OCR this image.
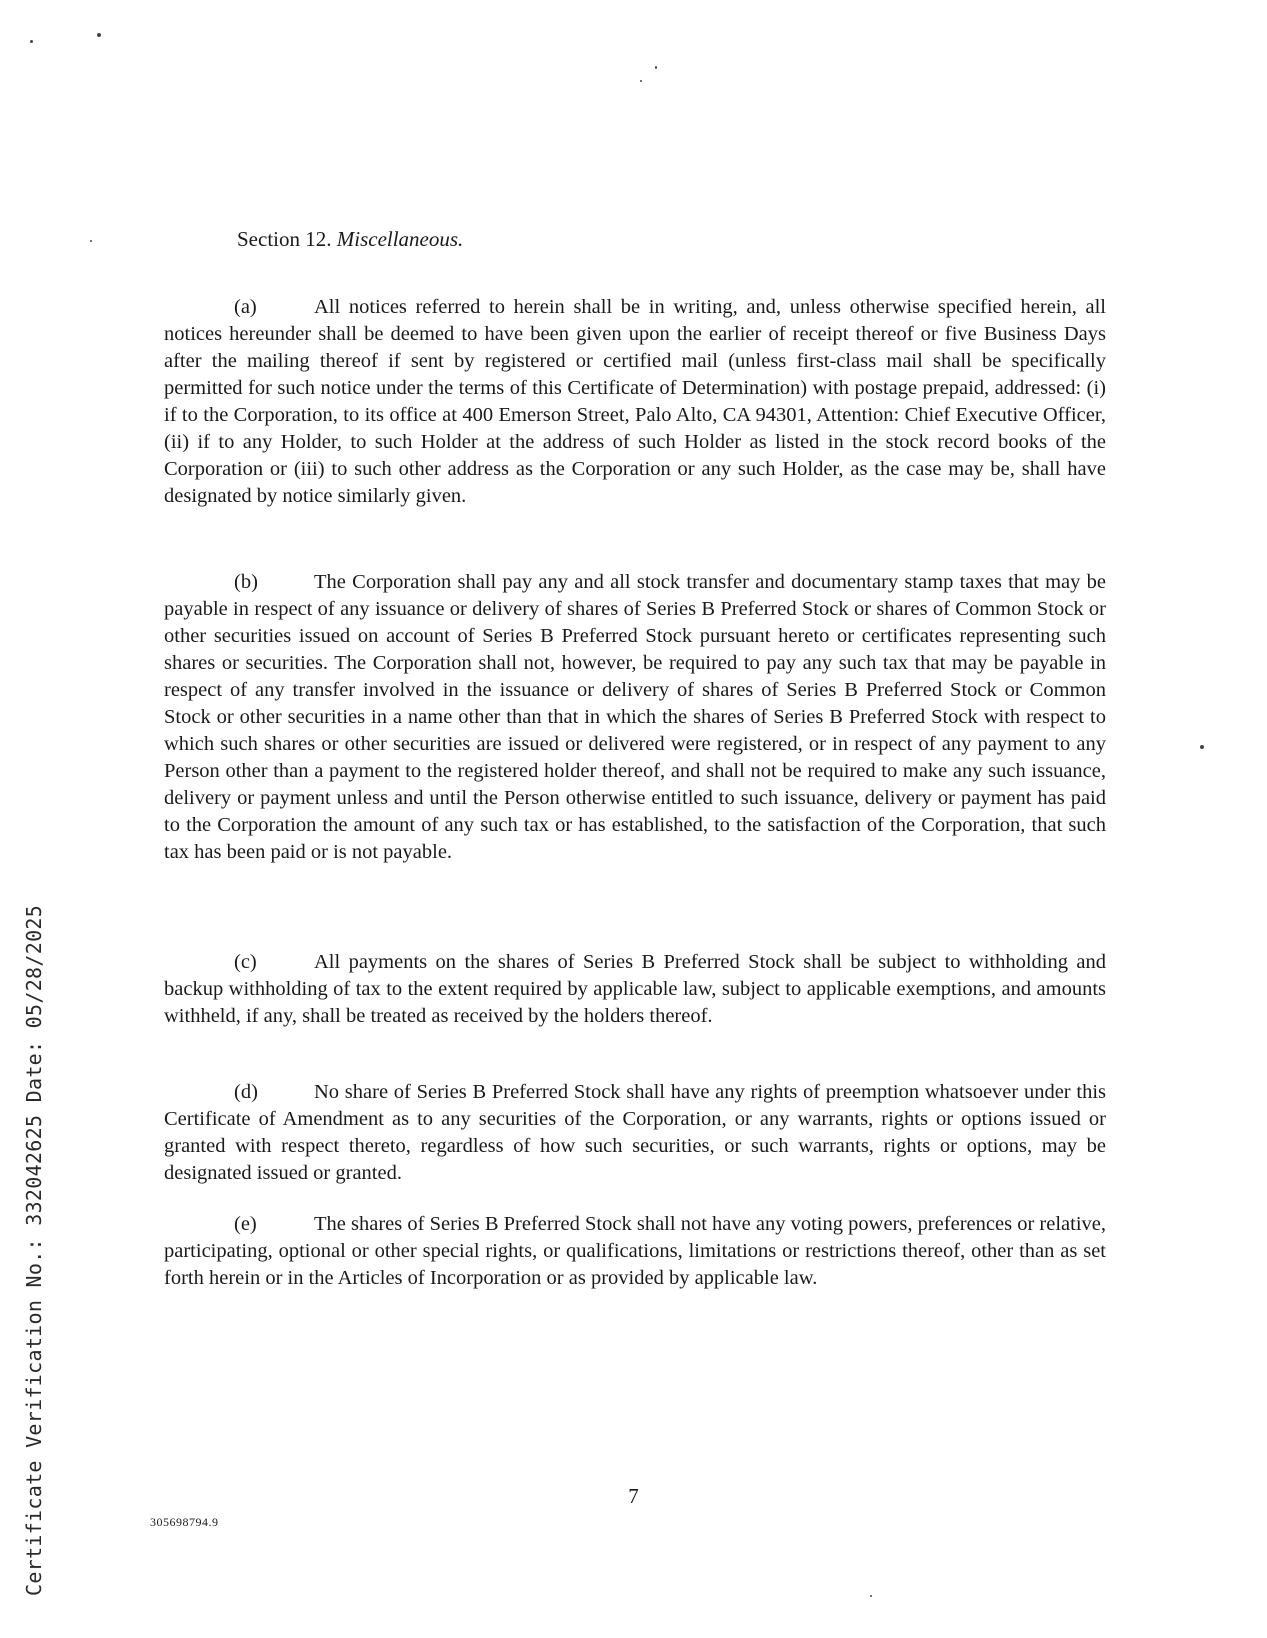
Section 12. Miscellaneous.

(a)	All notices referred to herein shall be in writing, and, unless otherwise specified herein, all notices hereunder shall be deemed to have been given upon the earlier of receipt thereof or five Business Days after the mailing thereof if sent by registered or certified mail (unless first-class mail shall be specifically permitted for such notice under the terms of this Certificate of Determination) with postage prepaid, addressed: (i) if to the Corporation, to its office at 400 Emerson Street, Palo Alto, CA 94301, Attention: Chief Executive Officer, (ii) if to any Holder, to such Holder at the address of such Holder as listed in the stock record books of the Corporation or (iii) to such other address as the Corporation or any such Holder, as the case may be, shall have designated by notice similarly given.

(b)	The Corporation shall pay any and all stock transfer and documentary stamp taxes that may be payable in respect of any issuance or delivery of shares of Series B Preferred Stock or shares of Common Stock or other securities issued on account of Series B Preferred Stock pursuant hereto or certificates representing such shares or securities. The Corporation shall not, however, be required to pay any such tax that may be payable in respect of any transfer involved in the issuance or delivery of shares of Series B Preferred Stock or Common Stock or other securities in a name other than that in which the shares of Series B Preferred Stock with respect to which such shares or other securities are issued or delivered were registered, or in respect of any payment to any Person other than a payment to the registered holder thereof, and shall not be required to make any such issuance, delivery or payment unless and until the Person otherwise entitled to such issuance, delivery or payment has paid to the Corporation the amount of any such tax or has established, to the satisfaction of the Corporation, that such tax has been paid or is not payable.

(c)	All payments on the shares of Series B Preferred Stock shall be subject to withholding and backup withholding of tax to the extent required by applicable law, subject to applicable exemptions, and amounts withheld, if any, shall be treated as received by the holders thereof.

(d)	No share of Series B Preferred Stock shall have any rights of preemption whatsoever under this Certificate of Amendment as to any securities of the Corporation, or any warrants, rights or options issued or granted with respect thereto, regardless of how such securities, or such warrants, rights or options, may be designated issued or granted.

(e)	The shares of Series B Preferred Stock shall not have any voting powers, preferences or relative, participating, optional or other special rights, or qualifications, limitations or restrictions thereof, other than as set forth herein or in the Articles of Incorporation or as provided by applicable law.

7
305698794.9
Certificate Verification No.: 332042625 Date: 05/28/2025
